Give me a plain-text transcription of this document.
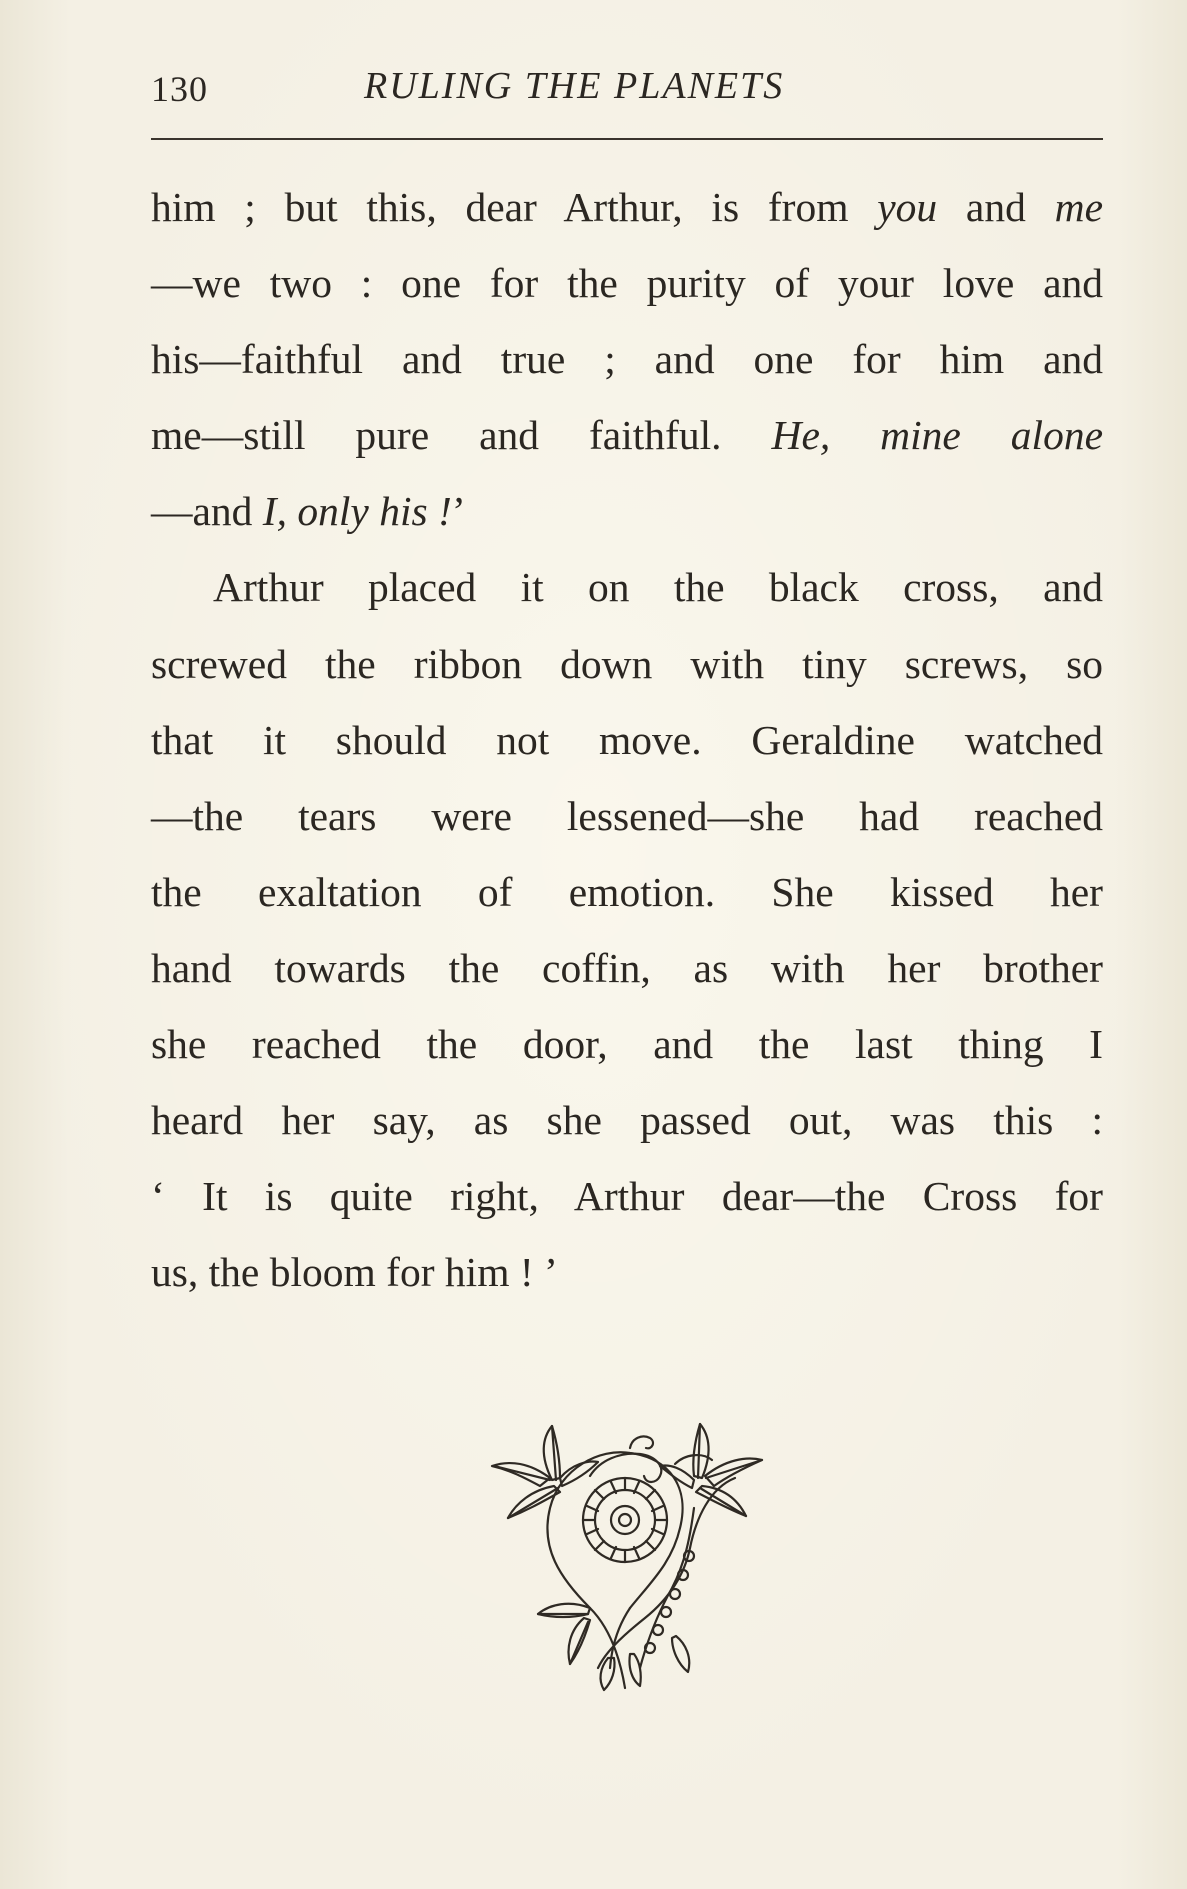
130	RULING THE PLANETS
him ; but this, dear Arthur, is from you and me
—we two : one for the purity of your love and
his—faithful and true ; and one for him and
me—still pure and faithful. He, mine alone
—and I, only his !’
Arthur placed it on the black cross, and
screwed the ribbon down with tiny screws, so
that it should not move. Geraldine watched
—the tears were lessened—she had reached
the exaltation of emotion. She kissed her
hand towards the coffin, as with her brother
she reached the door, and the last thing I
heard her say, as she passed out, was this :
‘ It is quite right, Arthur dear—the Cross for
us, the bloom for him ! ’
